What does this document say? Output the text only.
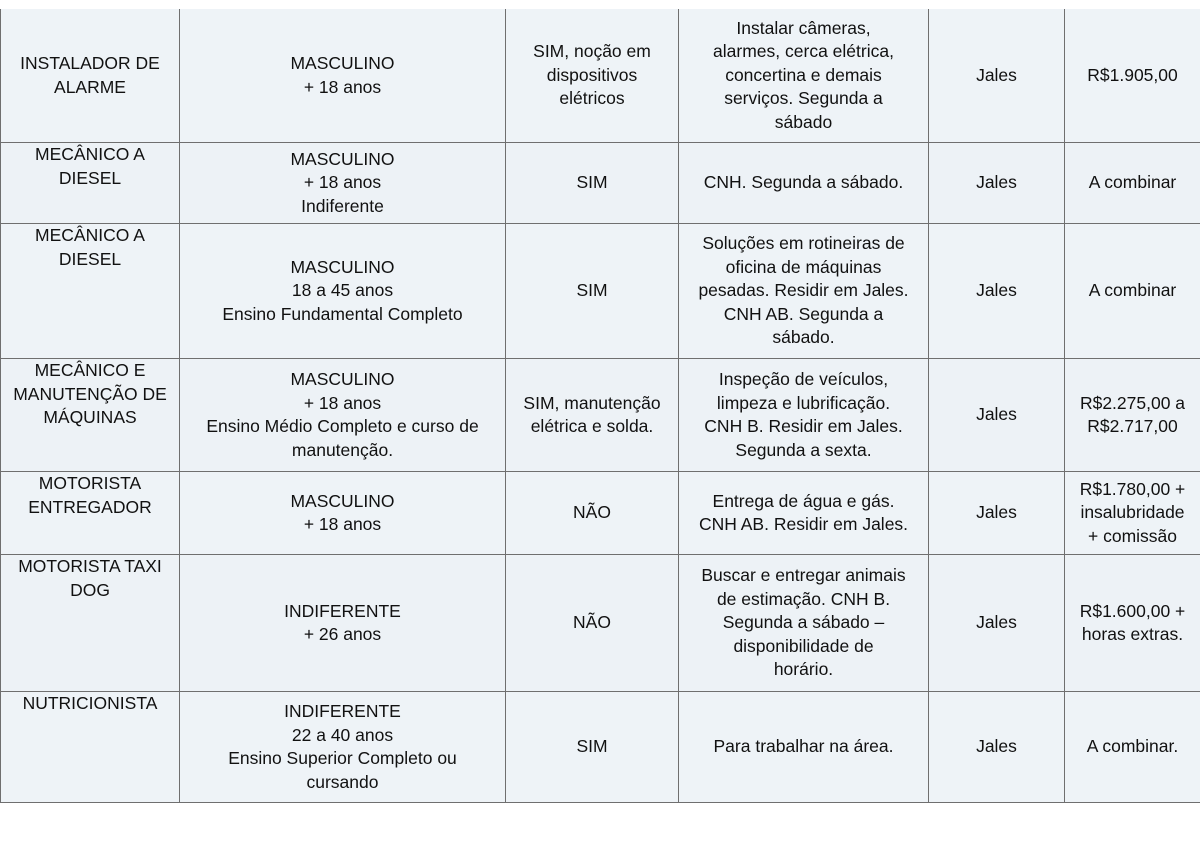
INSTALADOR DE
ALARME	MASCULINO
+ 18 anos	SIM, noção em
dispositivos
elétricos	Instalar câmeras,
alarmes, cerca elétrica,
concertina e demais
serviços. Segunda a
sábado	Jales	R$1.905,00

MECÂNICO A
DIESEL	MASCULINO
+ 18 anos
Indiferente	SIM	CNH. Segunda a sábado.	Jales	A combinar

MECÂNICO A
DIESEL	MASCULINO
18 a 45 anos
Ensino Fundamental Completo	SIM	Soluções em rotineiras de
oficina de máquinas
pesadas. Residir em Jales.
CNH AB. Segunda a
sábado.	Jales	A combinar

MECÂNICO E
MANUTENÇÃO DE
MÁQUINAS	MASCULINO
+ 18 anos
Ensino Médio Completo e curso de
manutenção.	SIM, manutenção
elétrica e solda.	Inspeção de veículos,
limpeza e lubrificação.
CNH B. Residir em Jales.
Segunda a sexta.	Jales	R$2.275,00 a
R$2.717,00

MOTORISTA
ENTREGADOR	MASCULINO
+ 18 anos	NÃO	Entrega de água e gás.
CNH AB. Residir em Jales.	Jales	R$1.780,00 +
insalubridade
+ comissão

MOTORISTA TAXI
DOG	INDIFERENTE
+ 26 anos	NÃO	Buscar e entregar animais
de estimação. CNH B.
Segunda a sábado –
disponibilidade de
horário.	Jales	R$1.600,00 +
horas extras.

NUTRICIONISTA	INDIFERENTE
22 a 40 anos
Ensino Superior Completo ou
cursando	SIM	Para trabalhar na área.	Jales	A combinar.
